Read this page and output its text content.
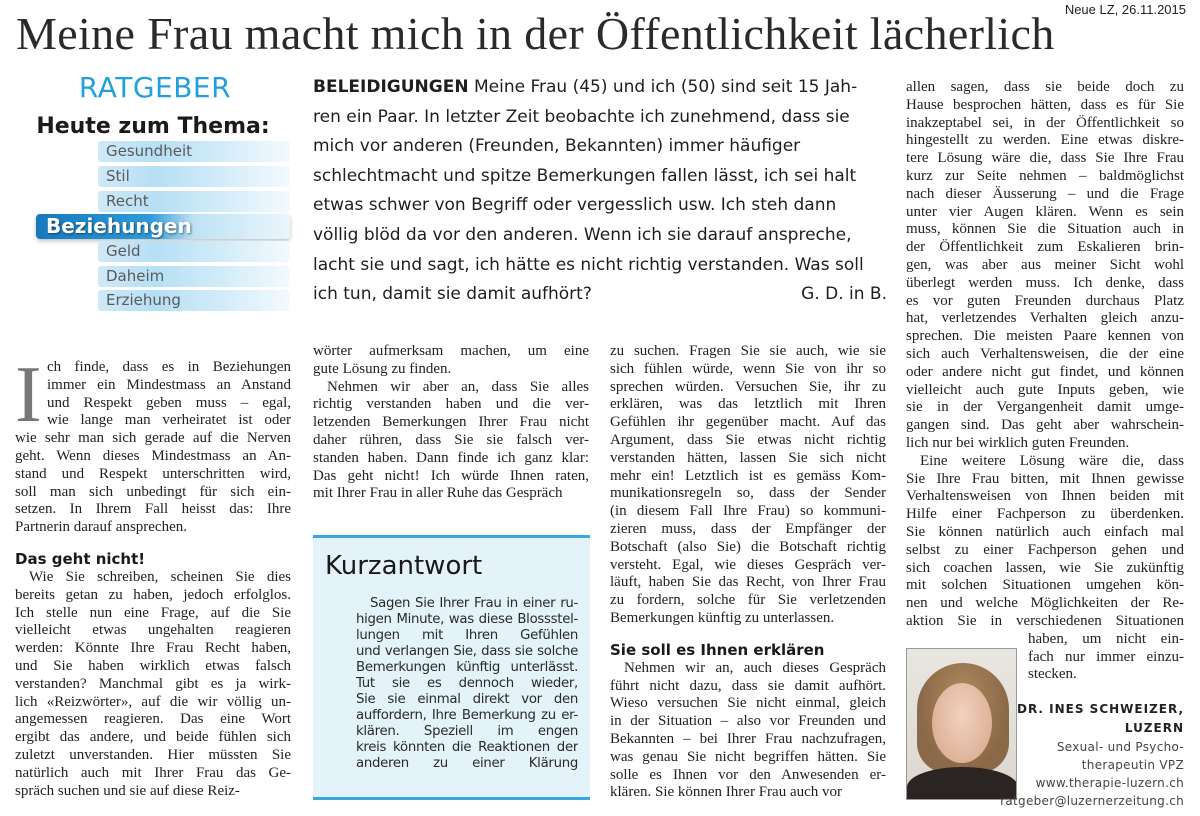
Neue LZ, 26.11.2015
Meine Frau macht mich in der Öffentlichkeit lächerlich
RATGEBER
Heute zum Thema:
Gesundheit
Stil
Recht
Beziehungen
Geld
Daheim
Erziehung
BELEIDIGUNGEN Meine Frau (45) und ich (50) sind seit 15 Jah-
ren ein Paar. In letzter Zeit beobachte ich zunehmend, dass sie
mich vor anderen (Freunden, Bekannten) immer häufiger
schlechtmacht und spitze Bemerkungen fallen lässt, ich sei halt
etwas schwer von Begriff oder vergesslich usw. Ich steh dann
völlig blöd da vor den anderen. Wenn ich sie darauf anspreche,
lacht sie und sagt, ich hätte es nicht richtig verstanden. Was soll
ich tun, damit sie damit aufhört?	G. D. in B.
I ch finde, dass es in Beziehungen
immer ein Mindestmass an Anstand
und Respekt geben muss – egal,
wie lange man verheiratet ist oder
wie sehr man sich gerade auf die Nerven
geht. Wenn dieses Mindestmass an An-
stand und Respekt unterschritten wird,
soll man sich unbedingt für sich ein-
setzen. In Ihrem Fall heisst das: Ihre
Partnerin darauf ansprechen.
Das geht nicht!
Wie Sie schreiben, scheinen Sie dies
bereits getan zu haben, jedoch erfolglos.
Ich stelle nun eine Frage, auf die Sie
vielleicht etwas ungehalten reagieren
werden: Könnte Ihre Frau Recht haben,
und Sie haben wirklich etwas falsch
verstanden? Manchmal gibt es ja wirk-
lich «Reizwörter», auf die wir völlig un-
angemessen reagieren. Das eine Wort
ergibt das andere, und beide fühlen sich
zuletzt unverstanden. Hier müssten Sie
natürlich auch mit Ihrer Frau das Ge-
spräch suchen und sie auf diese Reiz-
wörter aufmerksam machen, um eine
gute Lösung zu finden.
Nehmen wir aber an, dass Sie alles
richtig verstanden haben und die ver-
letzenden Bemerkungen Ihrer Frau nicht
daher rühren, dass Sie sie falsch ver-
standen haben. Dann finde ich ganz klar:
Das geht nicht! Ich würde Ihnen raten,
mit Ihrer Frau in aller Ruhe das Gespräch
zu suchen. Fragen Sie sie auch, wie sie
sich fühlen würde, wenn Sie von ihr so
sprechen würden. Versuchen Sie, ihr zu
erklären, was das letztlich mit Ihren
Gefühlen ihr gegenüber macht. Auf das
Argument, dass Sie etwas nicht richtig
verstanden hätten, lassen Sie sich nicht
mehr ein! Letztlich ist es gemäss Kom-
munikationsregeln so, dass der Sender
(in diesem Fall Ihre Frau) so kommuni-
zieren muss, dass der Empfänger der
Botschaft (also Sie) die Botschaft richtig
versteht. Egal, wie dieses Gespräch ver-
läuft, haben Sie das Recht, von Ihrer Frau
zu fordern, solche für Sie verletzenden
Bemerkungen künftig zu unterlassen.
Sie soll es Ihnen erklären
Nehmen wir an, auch dieses Gespräch
führt nicht dazu, dass sie damit aufhört.
Wieso versuchen Sie nicht einmal, gleich
in der Situation – also vor Freunden und
Bekannten – bei Ihrer Frau nachzufragen,
was genau Sie nicht begriffen hätten. Sie
solle es Ihnen vor den Anwesenden er-
klären. Sie können Ihrer Frau auch vor
allen sagen, dass sie beide doch zu
Hause besprochen hätten, dass es für Sie
inakzeptabel sei, in der Öffentlichkeit so
hingestellt zu werden. Eine etwas diskre-
tere Lösung wäre die, dass Sie Ihre Frau
kurz zur Seite nehmen – baldmöglichst
nach dieser Äusserung – und die Frage
unter vier Augen klären. Wenn es sein
muss, können Sie die Situation auch in
der Öffentlichkeit zum Eskalieren brin-
gen, was aber aus meiner Sicht wohl
überlegt werden muss. Ich denke, dass
es vor guten Freunden durchaus Platz
hat, verletzendes Verhalten gleich anzu-
sprechen. Die meisten Paare kennen von
sich auch Verhaltensweisen, die der eine
oder andere nicht gut findet, und können
vielleicht auch gute Inputs geben, wie
sie in der Vergangenheit damit umge-
gangen sind. Das geht aber wahrschein-
lich nur bei wirklich guten Freunden.
Eine weitere Lösung wäre die, dass
Sie Ihre Frau bitten, mit Ihnen gewisse
Verhaltensweisen von Ihnen beiden mit
Hilfe einer Fachperson zu überdenken.
Sie können natürlich auch einfach mal
selbst zu einer Fachperson gehen und
sich coachen lassen, wie Sie zukünftig
mit solchen Situationen umgehen kön-
nen und welche Möglichkeiten der Re-
aktion Sie in verschiedenen Situationen
haben, um nicht ein-
fach nur immer einzu-
stecken.
Kurzantwort
Sagen Sie Ihrer Frau in einer ru-
higen Minute, was diese Blossstel-
lungen mit Ihren Gefühlen
und verlangen Sie, dass sie solche
Bemerkungen künftig unterlässt.
Tut sie es dennoch wieder,
Sie sie einmal direkt vor den
auffordern, Ihre Bemerkung zu er-
klären. Speziell im engen
kreis könnten die Reaktionen der
anderen zu einer Klärung
DR. INES SCHWEIZER,
LUZERN
Sexual- und Psycho-
therapeutin VPZ
www.therapie-luzern.ch
ratgeber@luzernerzeitung.ch
